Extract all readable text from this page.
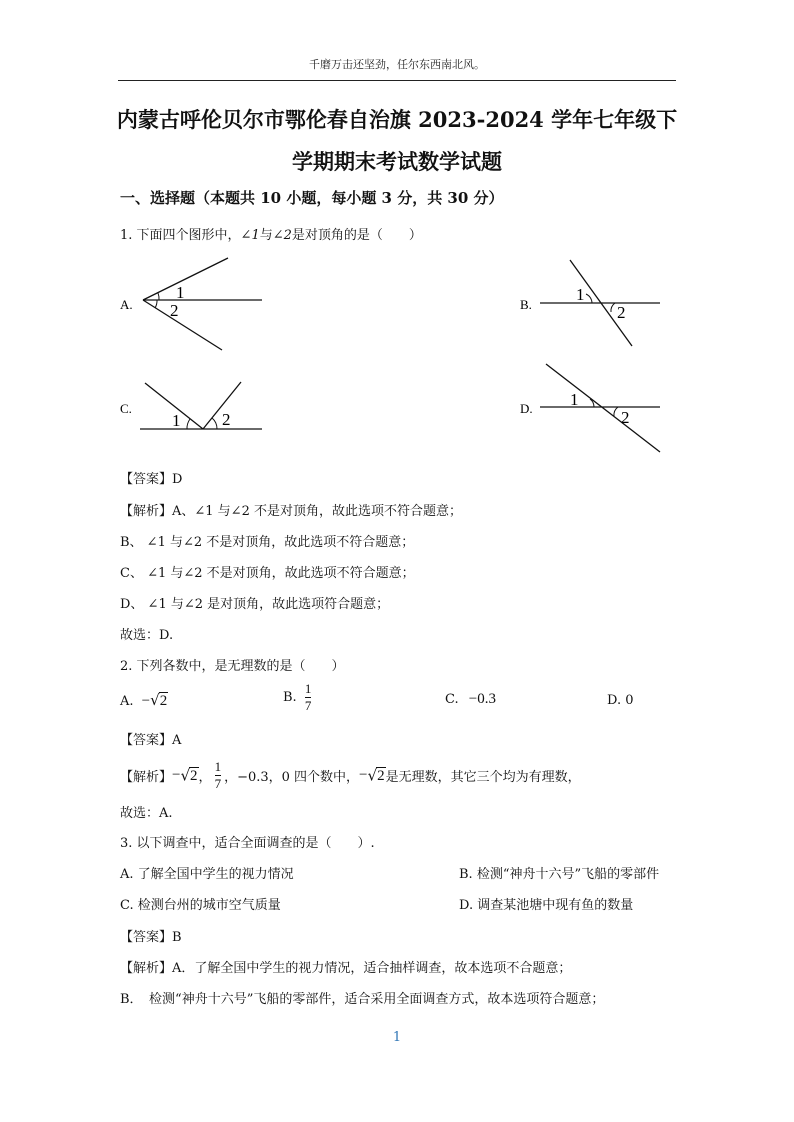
千磨万击还坚劲，任尔东西南北风。
内蒙古呼伦贝尔市鄂伦春自治旗 2023-2024 学年七年级下
学期期末考试数学试题
一、选择题（本题共 10 小题，每小题 3 分，共 30 分）
1. 下面四个图形中，∠1与∠2是对顶角的是（　　）
A.
1
2	B.
1
2
C.
1 2
D. 1
2
【答案】D
【解析】A、∠1 与∠2 不是对顶角，故此选项不符合题意；
B、 ∠1 与∠2 不是对顶角，故此选项不符合题意；
C、 ∠1 与∠2 不是对顶角，故此选项不符合题意；
D、 ∠1 与∠2 是对顶角，故此选项符合题意；
故选：D.
2. 下列各数中，是无理数的是（　　）
A. −√2	B. $\frac{1}{7}$	C. −0.3	D. 0
【答案】A
【解析】−√2， $\frac{1}{7}$ ，−0.3，0 四个数中，−√2是无理数，其它三个均为有理数，
故选：A.
3. 以下调查中，适合全面调查的是（　　）.
A. 了解全国中学生的视力情况	B. 检测“神舟十六号”飞船的零部件
C. 检测台州的城市空气质量	D. 调查某池塘中现有鱼的数量
【答案】B
【解析】A．了解全国中学生的视力情况，适合抽样调查，故本选项不合题意；
B．　检测“神舟十六号”飞船的零部件，适合采用全面调查方式，故本选项符合题意；
1
